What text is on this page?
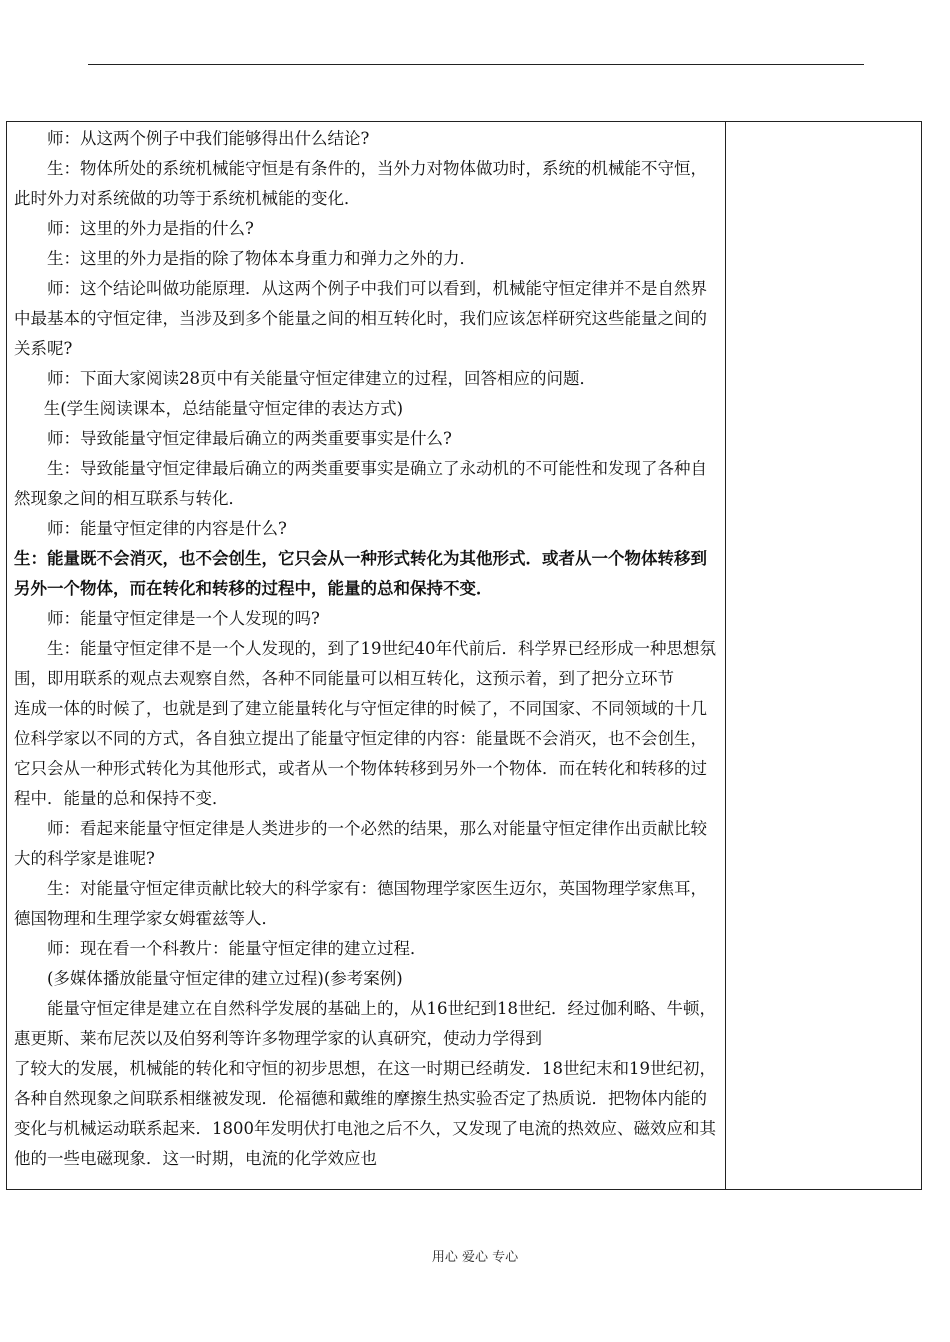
师：从这两个例子中我们能够得出什么结论?

生：物体所处的系统机械能守恒是有条件的，当外力对物体做功时，系统的机械能不守恒，此时外力对系统做的功等于系统机械能的变化．

师：这里的外力是指的什么?

生：这里的外力是指的除了物体本身重力和弹力之外的力．

师：这个结论叫做功能原理．从这两个例子中我们可以看到，机械能守恒定律并不是自然界中最基本的守恒定律，当涉及到多个能量之间的相互转化时，我们应该怎样研究这些能量之间的关系呢?

师：下面大家阅读28页中有关能量守恒定律建立的过程，回答相应的问题．

生(学生阅读课本，总结能量守恒定律的表达方式)

师：导致能量守恒定律最后确立的两类重要事实是什么?

生：导致能量守恒定律最后确立的两类重要事实是确立了永动机的不可能性和发现了各种自然现象之间的相互联系与转化．

师：能量守恒定律的内容是什么?

生：能量既不会消灭，也不会创生，它只会从一种形式转化为其他形式．或者从一个物体转移到另外一个物体，而在转化和转移的过程中，能量的总和保持不变．

师：能量守恒定律是一个人发现的吗?

生：能量守恒定律不是一个人发现的，到了19世纪40年代前后．科学界已经形成一种思想氛围，即用联系的观点去观察自然，各种不同能量可以相互转化，这预示着，到了把分立环节

连成一体的时候了，也就是到了建立能量转化与守恒定律的时候了，不同国家、不同领域的十几位科学家以不同的方式，各自独立提出了能量守恒定律的内容：能量既不会消灭，也不会创生，它只会从一种形式转化为其他形式，或者从一个物体转移到另外一个物体．而在转化和转移的过程中．能量的总和保持不变．

师：看起来能量守恒定律是人类进步的一个必然的结果，那么对能量守恒定律作出贡献比较大的科学家是谁呢?

生：对能量守恒定律贡献比较大的科学家有：德国物理学家医生迈尔，英国物理学家焦耳，德国物理和生理学家女姆霍兹等人．

师：现在看一个科教片：能量守恒定律的建立过程．

(多媒体播放能量守恒定律的建立过程)(参考案例)

能量守恒定律是建立在自然科学发展的基础上的，从16世纪到18世纪．经过伽利略、牛顿，惠更斯、莱布尼茨以及伯努利等许多物理学家的认真研究，使动力学得到

了较大的发展，机械能的转化和守恒的初步思想，在这一时期已经萌发．18世纪末和19世纪初，各种自然现象之间联系相继被发现．伦福德和戴维的摩擦生热实验否定了热质说．把物体内能的变化与机械运动联系起来．1800年发明伏打电池之后不久，又发现了电流的热效应、磁效应和其他的一些电磁现象．这一时期，电流的化学效应也

用心 爱心 专心
